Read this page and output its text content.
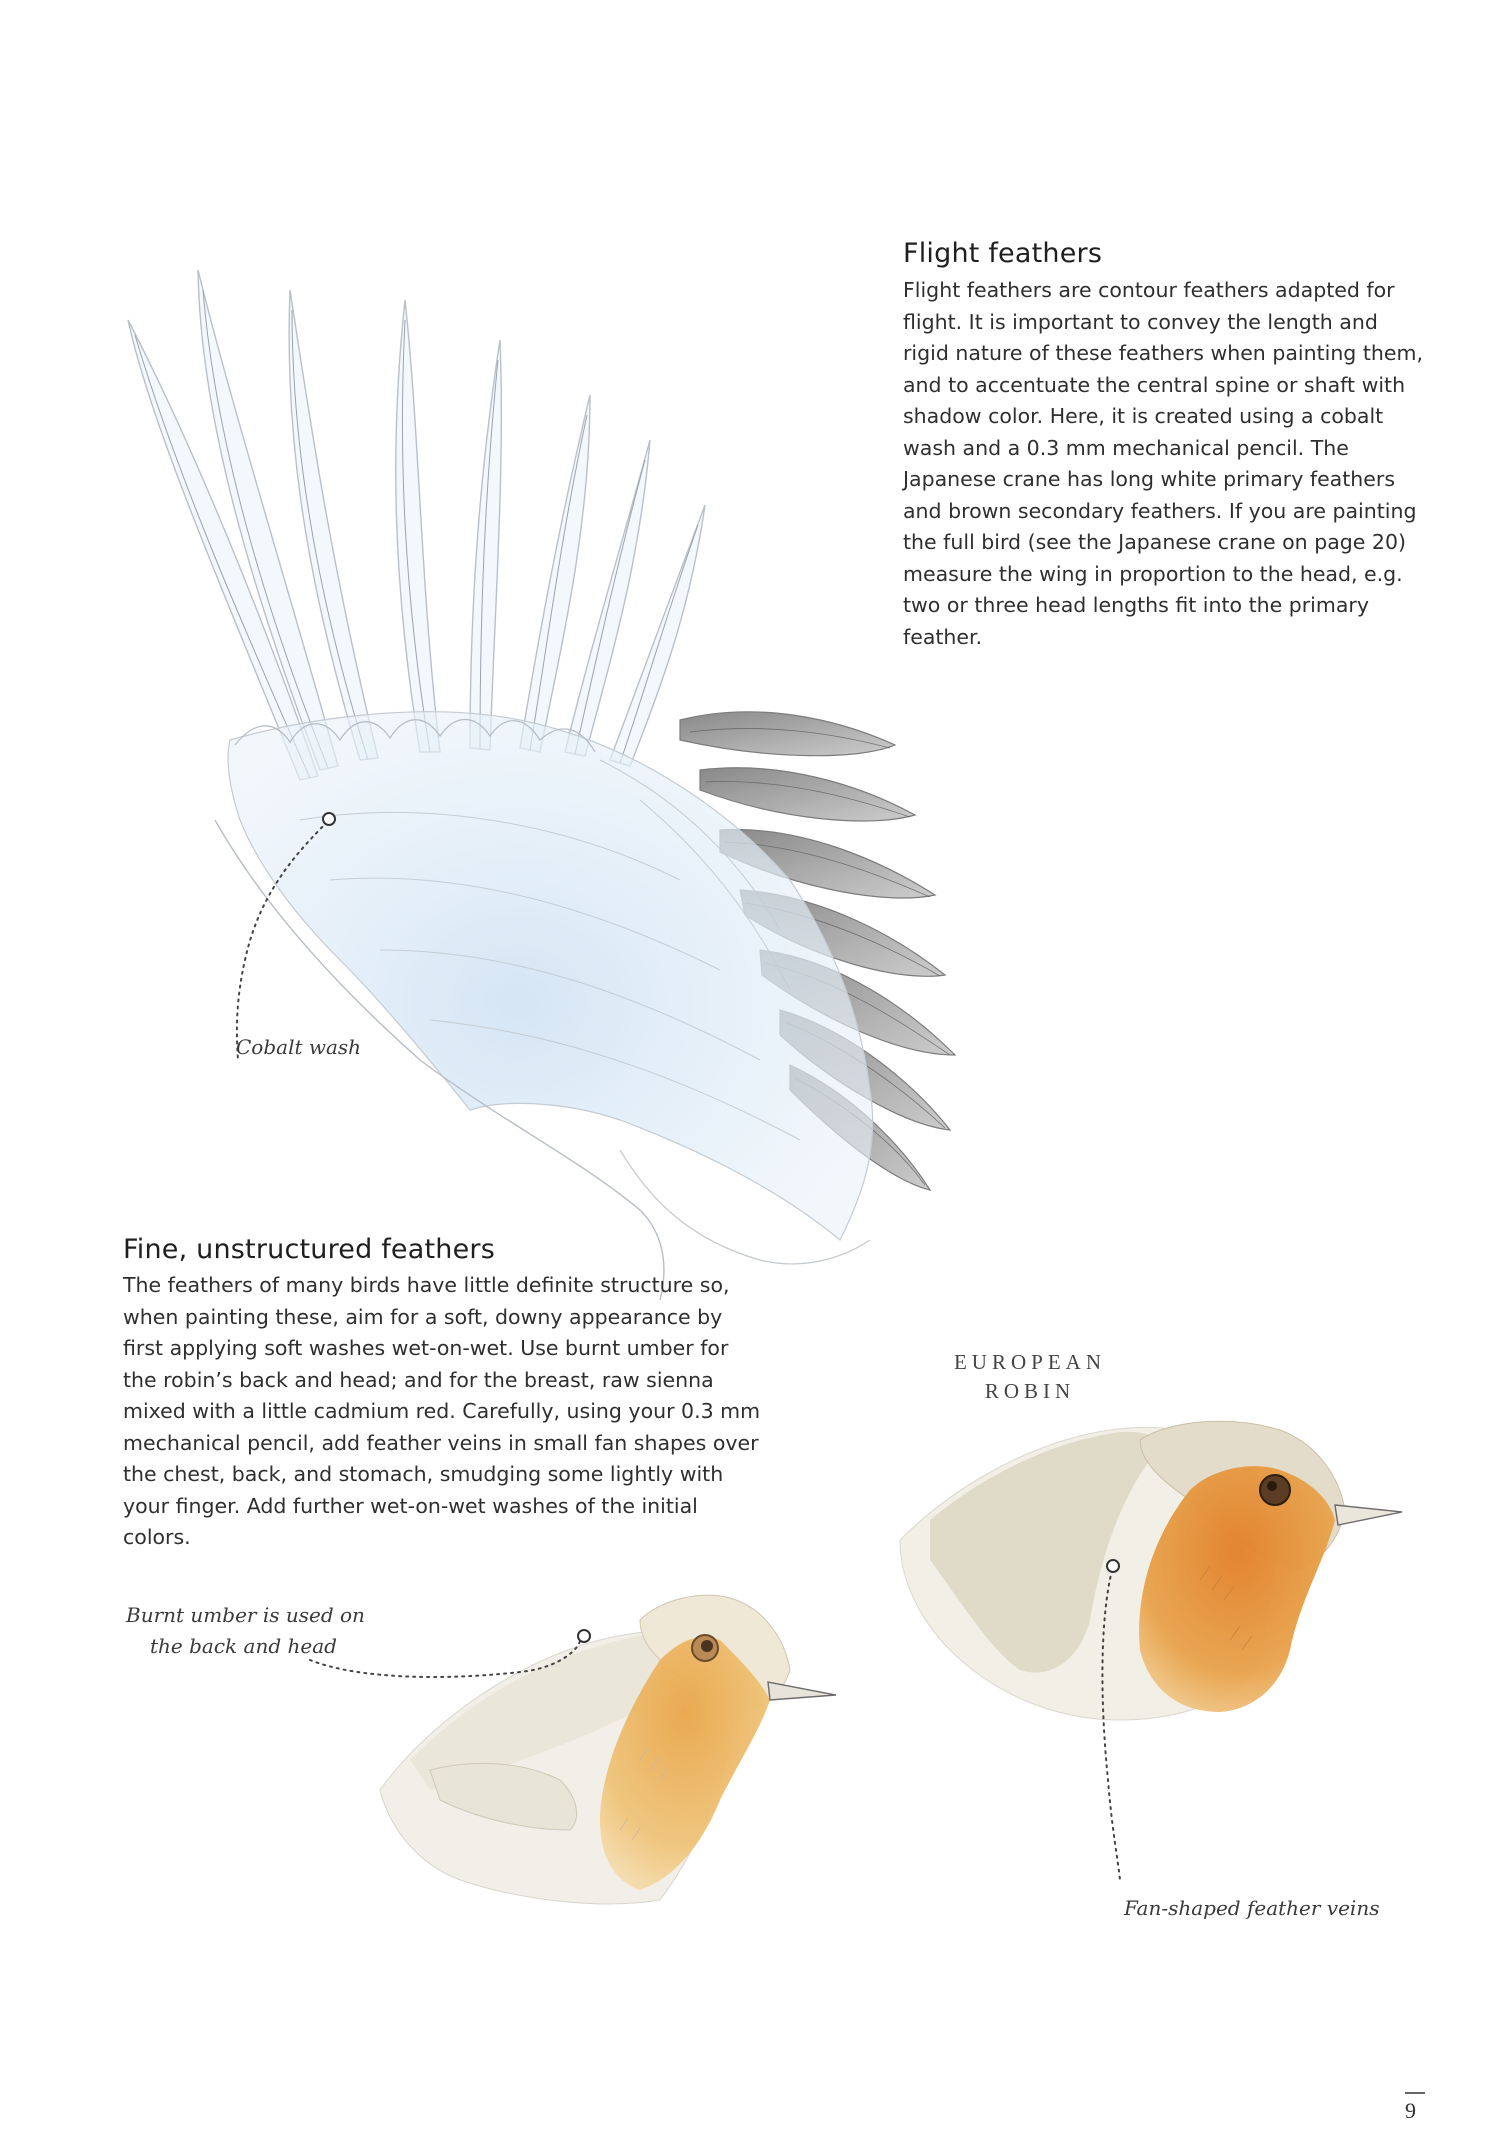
Flight feathers

Flight feathers are contour feathers adapted for flight. It is important to convey the length and rigid nature of these feathers when painting them, and to accentuate the central spine or shaft with shadow color. Here, it is created using a cobalt wash and a 0.3 mm mechanical pencil. The Japanese crane has long white primary feathers and brown secondary feathers. If you are painting the full bird (see the Japanese crane on page 20) measure the wing in proportion to the head, e.g. two or three head lengths fit into the primary feather.

Cobalt wash

Fine, unstructured feathers

The feathers of many birds have little definite structure so, when painting these, aim for a soft, downy appearance by first applying soft washes wet-on-wet. Use burnt umber for the robin’s back and head; and for the breast, raw sienna mixed with a little cadmium red. Carefully, using your 0.3 mm mechanical pencil, add feather veins in small fan shapes over the chest, back, and stomach, smudging some lightly with your finger. Add further wet-on-wet washes of the initial colors.

EUROPEAN
ROBIN
Burnt umber is used on
the back and head

Fan-shaped feather veins

9
